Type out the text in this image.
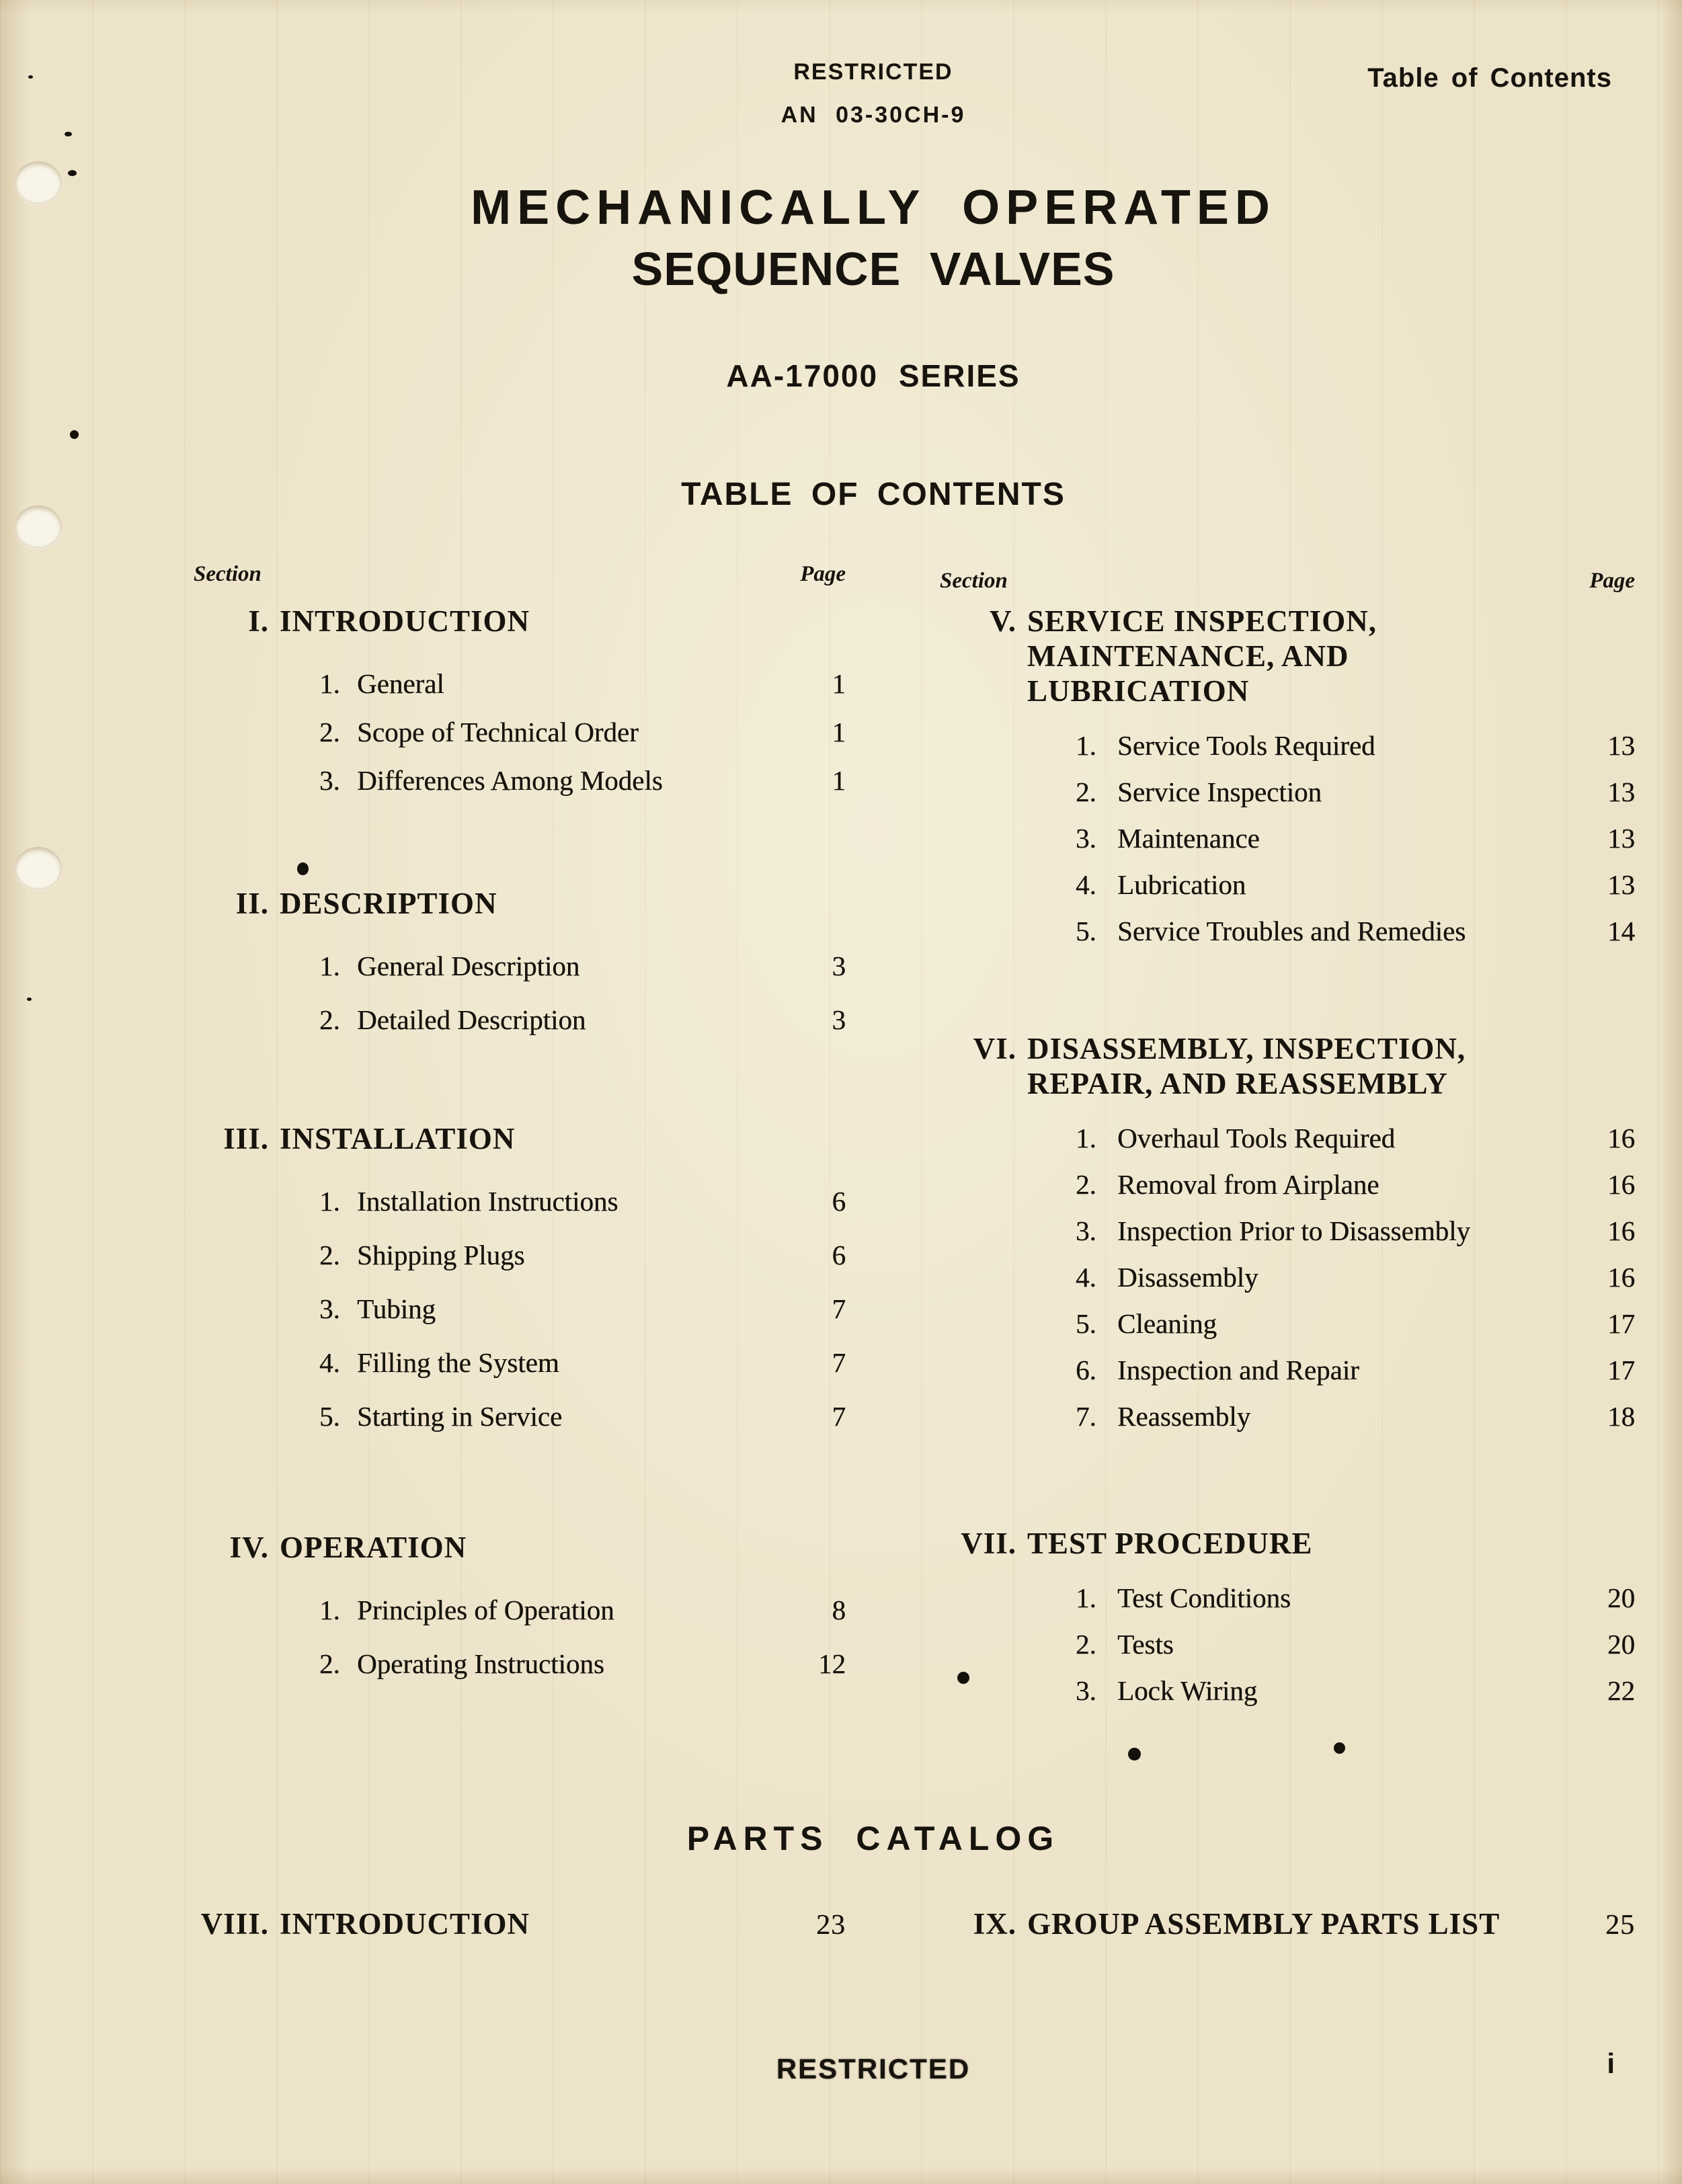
RESTRICTED
AN 03-30CH-9
Table of Contents
MECHANICALLY OPERATED
SEQUENCE VALVES
AA-17000 SERIES
TABLE OF CONTENTS
Section	Page
I. INTRODUCTION
1. General	1
2. Scope of Technical Order	1
3. Differences Among Models	1
II. DESCRIPTION
1. General Description	3
2. Detailed Description	3
III. INSTALLATION
1. Installation Instructions	6
2. Shipping Plugs	6
3. Tubing	7
4. Filling the System	7
5. Starting in Service	7
IV. OPERATION
1. Principles of Operation	8
2. Operating Instructions	12
VIII. INTRODUCTION	23
Section	Page
V. SERVICE INSPECTION,
MAINTENANCE, AND
LUBRICATION
1. Service Tools Required	13
2. Service Inspection	13
3. Maintenance	13
4. Lubrication	13
5. Service Troubles and Remedies	14
VI. DISASSEMBLY, INSPECTION,
REPAIR, AND REASSEMBLY
1. Overhaul Tools Required	16
2. Removal from Airplane	16
3. Inspection Prior to Disassembly	16
4. Disassembly	16
5. Cleaning	17
6. Inspection and Repair	17
7. Reassembly	18
VII. TEST PROCEDURE
1. Test Conditions	20
2. Tests	20
3. Lock Wiring	22
IX. GROUP ASSEMBLY PARTS LIST	25
PARTS CATALOG
RESTRICTED	i
